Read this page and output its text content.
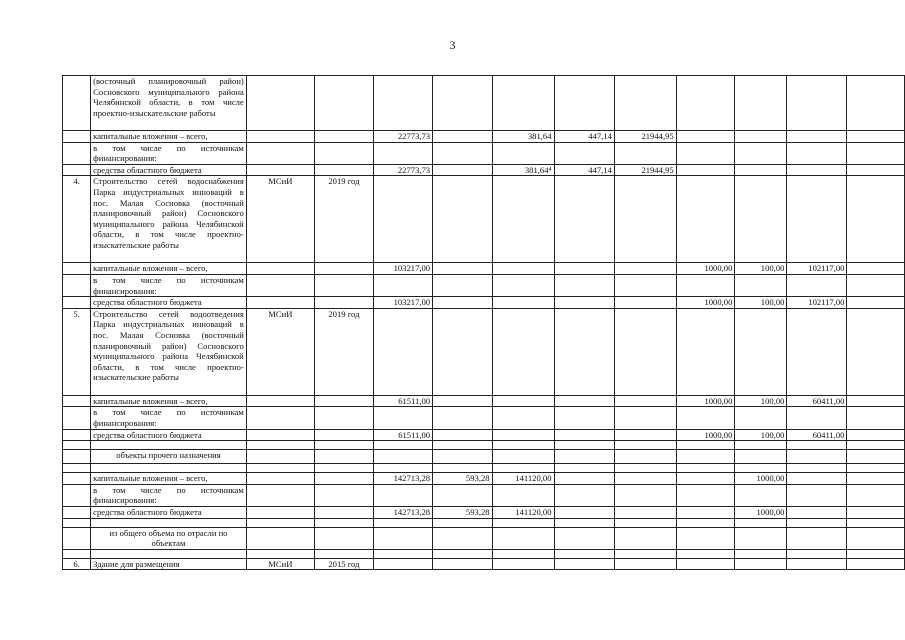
3
	(восточный планировочный район) Сосновского муниципального района Челябинской области, в том числе проектно-изыскательские работы											
	капитальные вложения – всего,			22773,73		381,64	447,14	21944,95				
	в том числе по источникам финансирования:											
	средства областного бюджета			22773,73		381,64⁴	447,14	21944,95				
4.	Строительство сетей водоснабжения Парка индустриальных инноваций в пос. Малая Сосновка (восточный планировочный район) Сосновского муниципального района Челябинской области, в том числе проектно-изыскательские работы	МСиИ	2019 год									
	капитальные вложения – всего,			103217,00					1000,00	100,00	102117,00	
	в том числе по источникам финансирования:											
	средства областного бюджета			103217,00					1000,00	100,00	102117,00	
5.	Строительство сетей водоотведения Парка индустриальных инноваций в пос. Малая Сосновка (восточный планировочный район) Сосновского муниципального района Челябинской области, в том числе проектно-изыскательские работы	МСиИ	2019 год									
	капитальные вложения – всего,			61511,00					1000,00	100,00	60411,00	
	в том числе по источникам финансирования:											
	средства областного бюджета			61511,00					1000,00	100,00	60411,00	

	объекты прочего назначения											

	капитальные вложения – всего,			142713,28	593,28	141120,00				1000,00		
	в том числе по источникам финансирования:											
	средства областного бюджета			142713,28	593,28	141120,00				1000,00		

	из общего объема по отрасли по объектам											

6.	Здание для размещения	МСиИ	2015 год									
